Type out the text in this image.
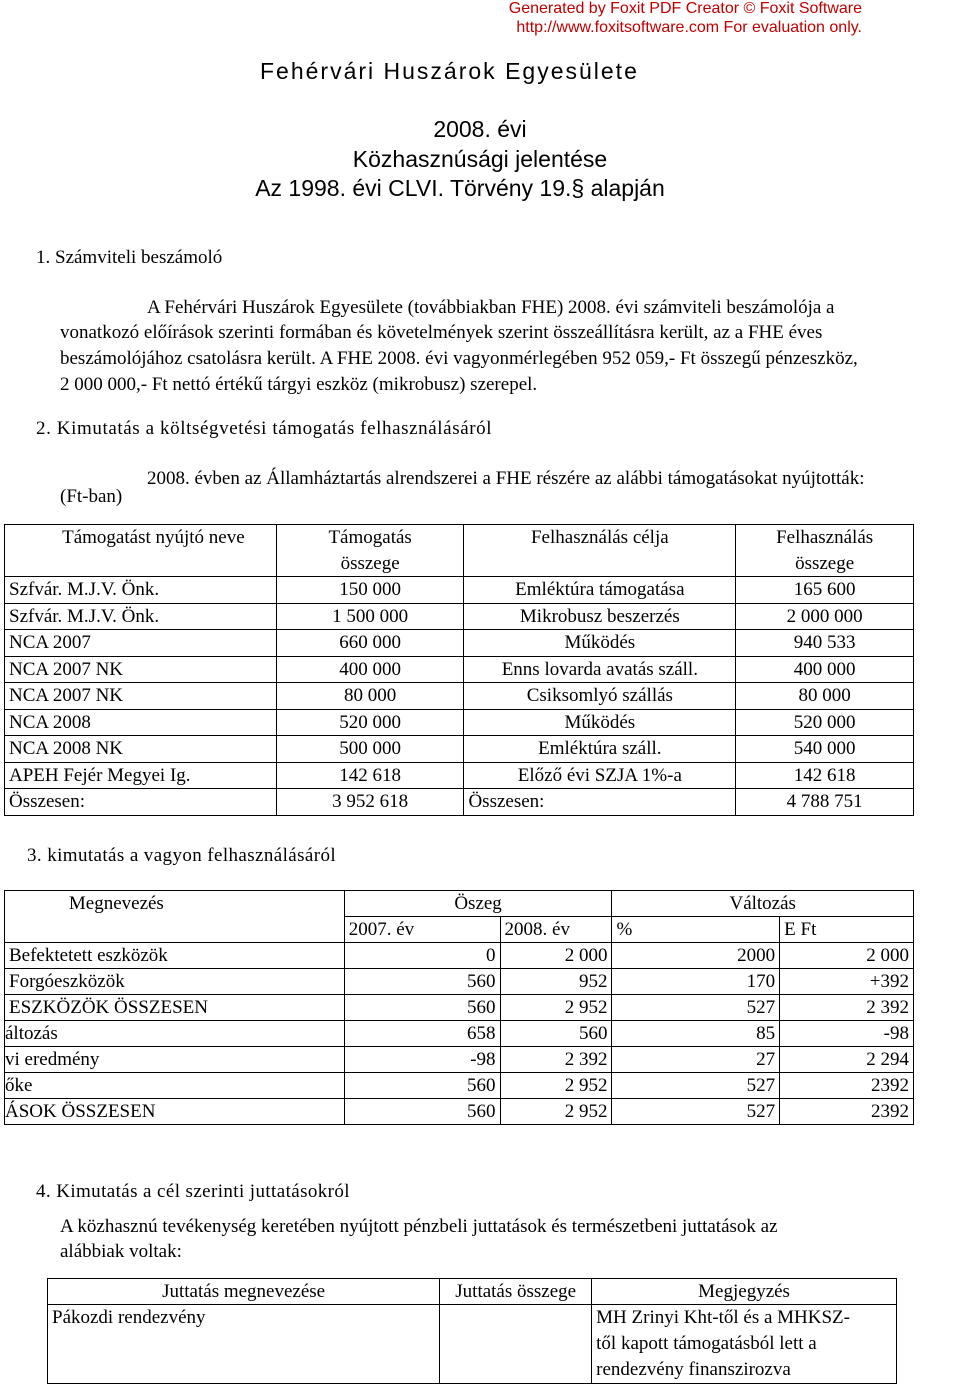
Generated by Foxit PDF Creator © Foxit Software
http://www.foxitsoftware.com For evaluation only.
Fehérvári Huszárok Egyesülete
2008. évi
Közhasznúsági jelentése
Az 1998. évi CLVI. Törvény 19.§ alapján
1. Számviteli beszámoló
A Fehérvári Huszárok Egyesülete (továbbiakban FHE) 2008. évi számviteli beszámolója a
vonatkozó előírások szerinti formában és követelmények szerint összeállításra került, az a FHE éves
beszámolójához csatolásra került. A FHE 2008. évi vagyonmérlegében 952 059,- Ft összegű pénzeszköz,
2 000 000,- Ft nettó értékű tárgyi eszköz (mikrobusz) szerepel.
2. Kimutatás a költségvetési támogatás felhasználásáról
2008. évben az Államháztartás alrendszerei a FHE részére az alábbi támogatásokat nyújtották:
(Ft-ban)
Támogatást nyújtó neve	Támogatás	Felhasználás célja	Felhasználás
	összege		összege
Szfvár. M.J.V. Önk.	150 000	Emléktúra támogatása	165 600
Szfvár. M.J.V. Önk.	1 500 000	Mikrobusz beszerzés	2 000 000
NCA 2007	660 000	Működés	940 533
NCA 2007 NK	400 000	Enns lovarda avatás száll.	400 000
NCA 2007 NK	80 000	Csiksomlyó szállás	80 000
NCA 2008	520 000	Működés	520 000
NCA 2008 NK	500 000	Emléktúra száll.	540 000
APEH Fejér Megyei Ig.	142 618	Előző évi SZJA 1%-a	142 618
Összesen:	3 952 618	Összesen:	4 788 751
3. kimutatás a vagyon felhasználásáról
Megnevezés	Öszeg		Változás	
	2007. év	2008. év	%	E Ft
Befektetett eszközök	0	2 000	2000	2 000
Forgóeszközök	560	952	170	+392
ESZKÖZÖK ÖSSZESEN	560	2 952	527	2 392
áltozás	658	560	85	-98
vi eredmény	-98	2 392	27	2 294
őke	560	2 952	527	2392
ÁSOK ÖSSZESEN	560	2 952	527	2392
4. Kimutatás a cél szerinti juttatásokról
A közhasznú tevékenység keretében nyújtott pénzbeli juttatások és természetbeni juttatások az
alábbiak voltak:
Juttatás megnevezése	Juttatás összege	Megjegyzés
Pákozdi rendezvény		MH Zrinyi Kht-től és a MHKSZ-
től kapott támogatásból lett a
rendezvény finanszirozva
